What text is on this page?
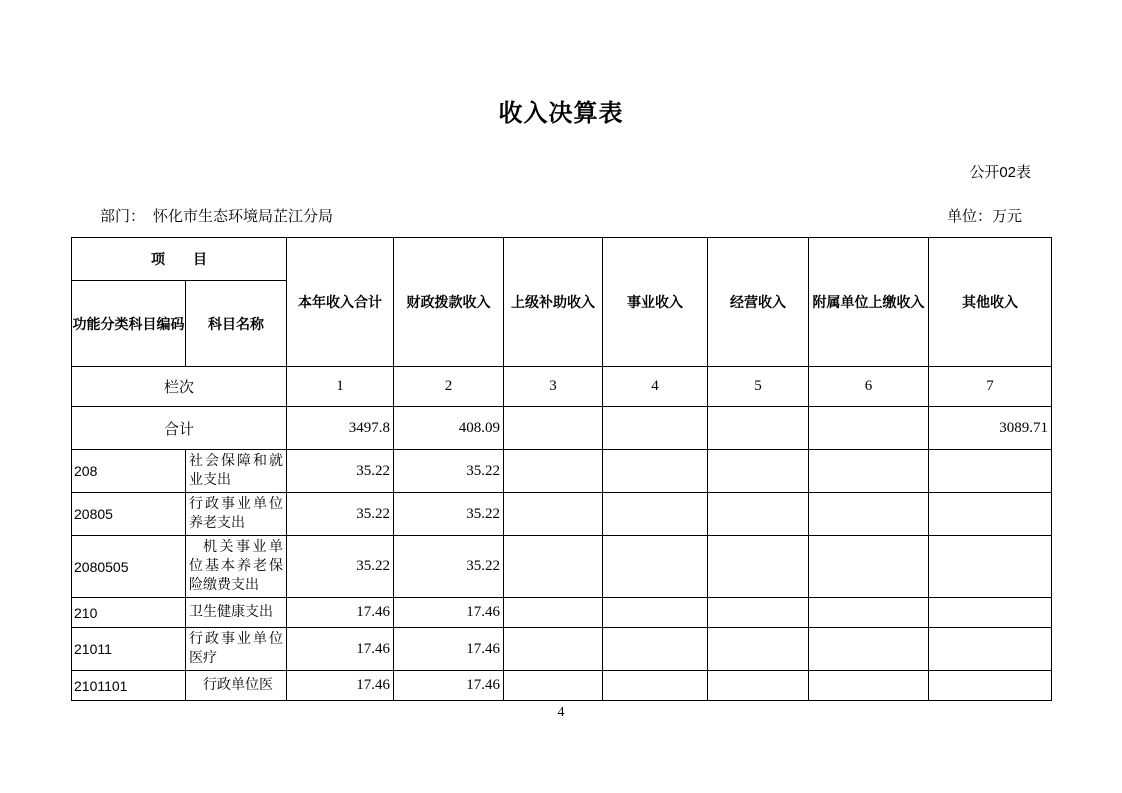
收入决算表
公开02表
部门： 怀化市生态环境局芷江分局	单位：万元
项　　目		本年收入合计	财政拨款收入	上级补助收入	事业收入	经营收入	附属单位上缴收入	其他收入
功能分类科目编码	科目名称							
栏次		1	2	3	4	5	6	7
合计		3497.8	408.09					3089.71
208	社会保障和就业支出	35.22	35.22					
20805	行政事业单位养老支出	35.22	35.22					
2080505	机关事业单位基本养老保险缴费支出	35.22	35.22					
210	卫生健康支出	17.46	17.46					
21011	行政事业单位医疗	17.46	17.46					
2101101	行政单位医	17.46	17.46					
4
